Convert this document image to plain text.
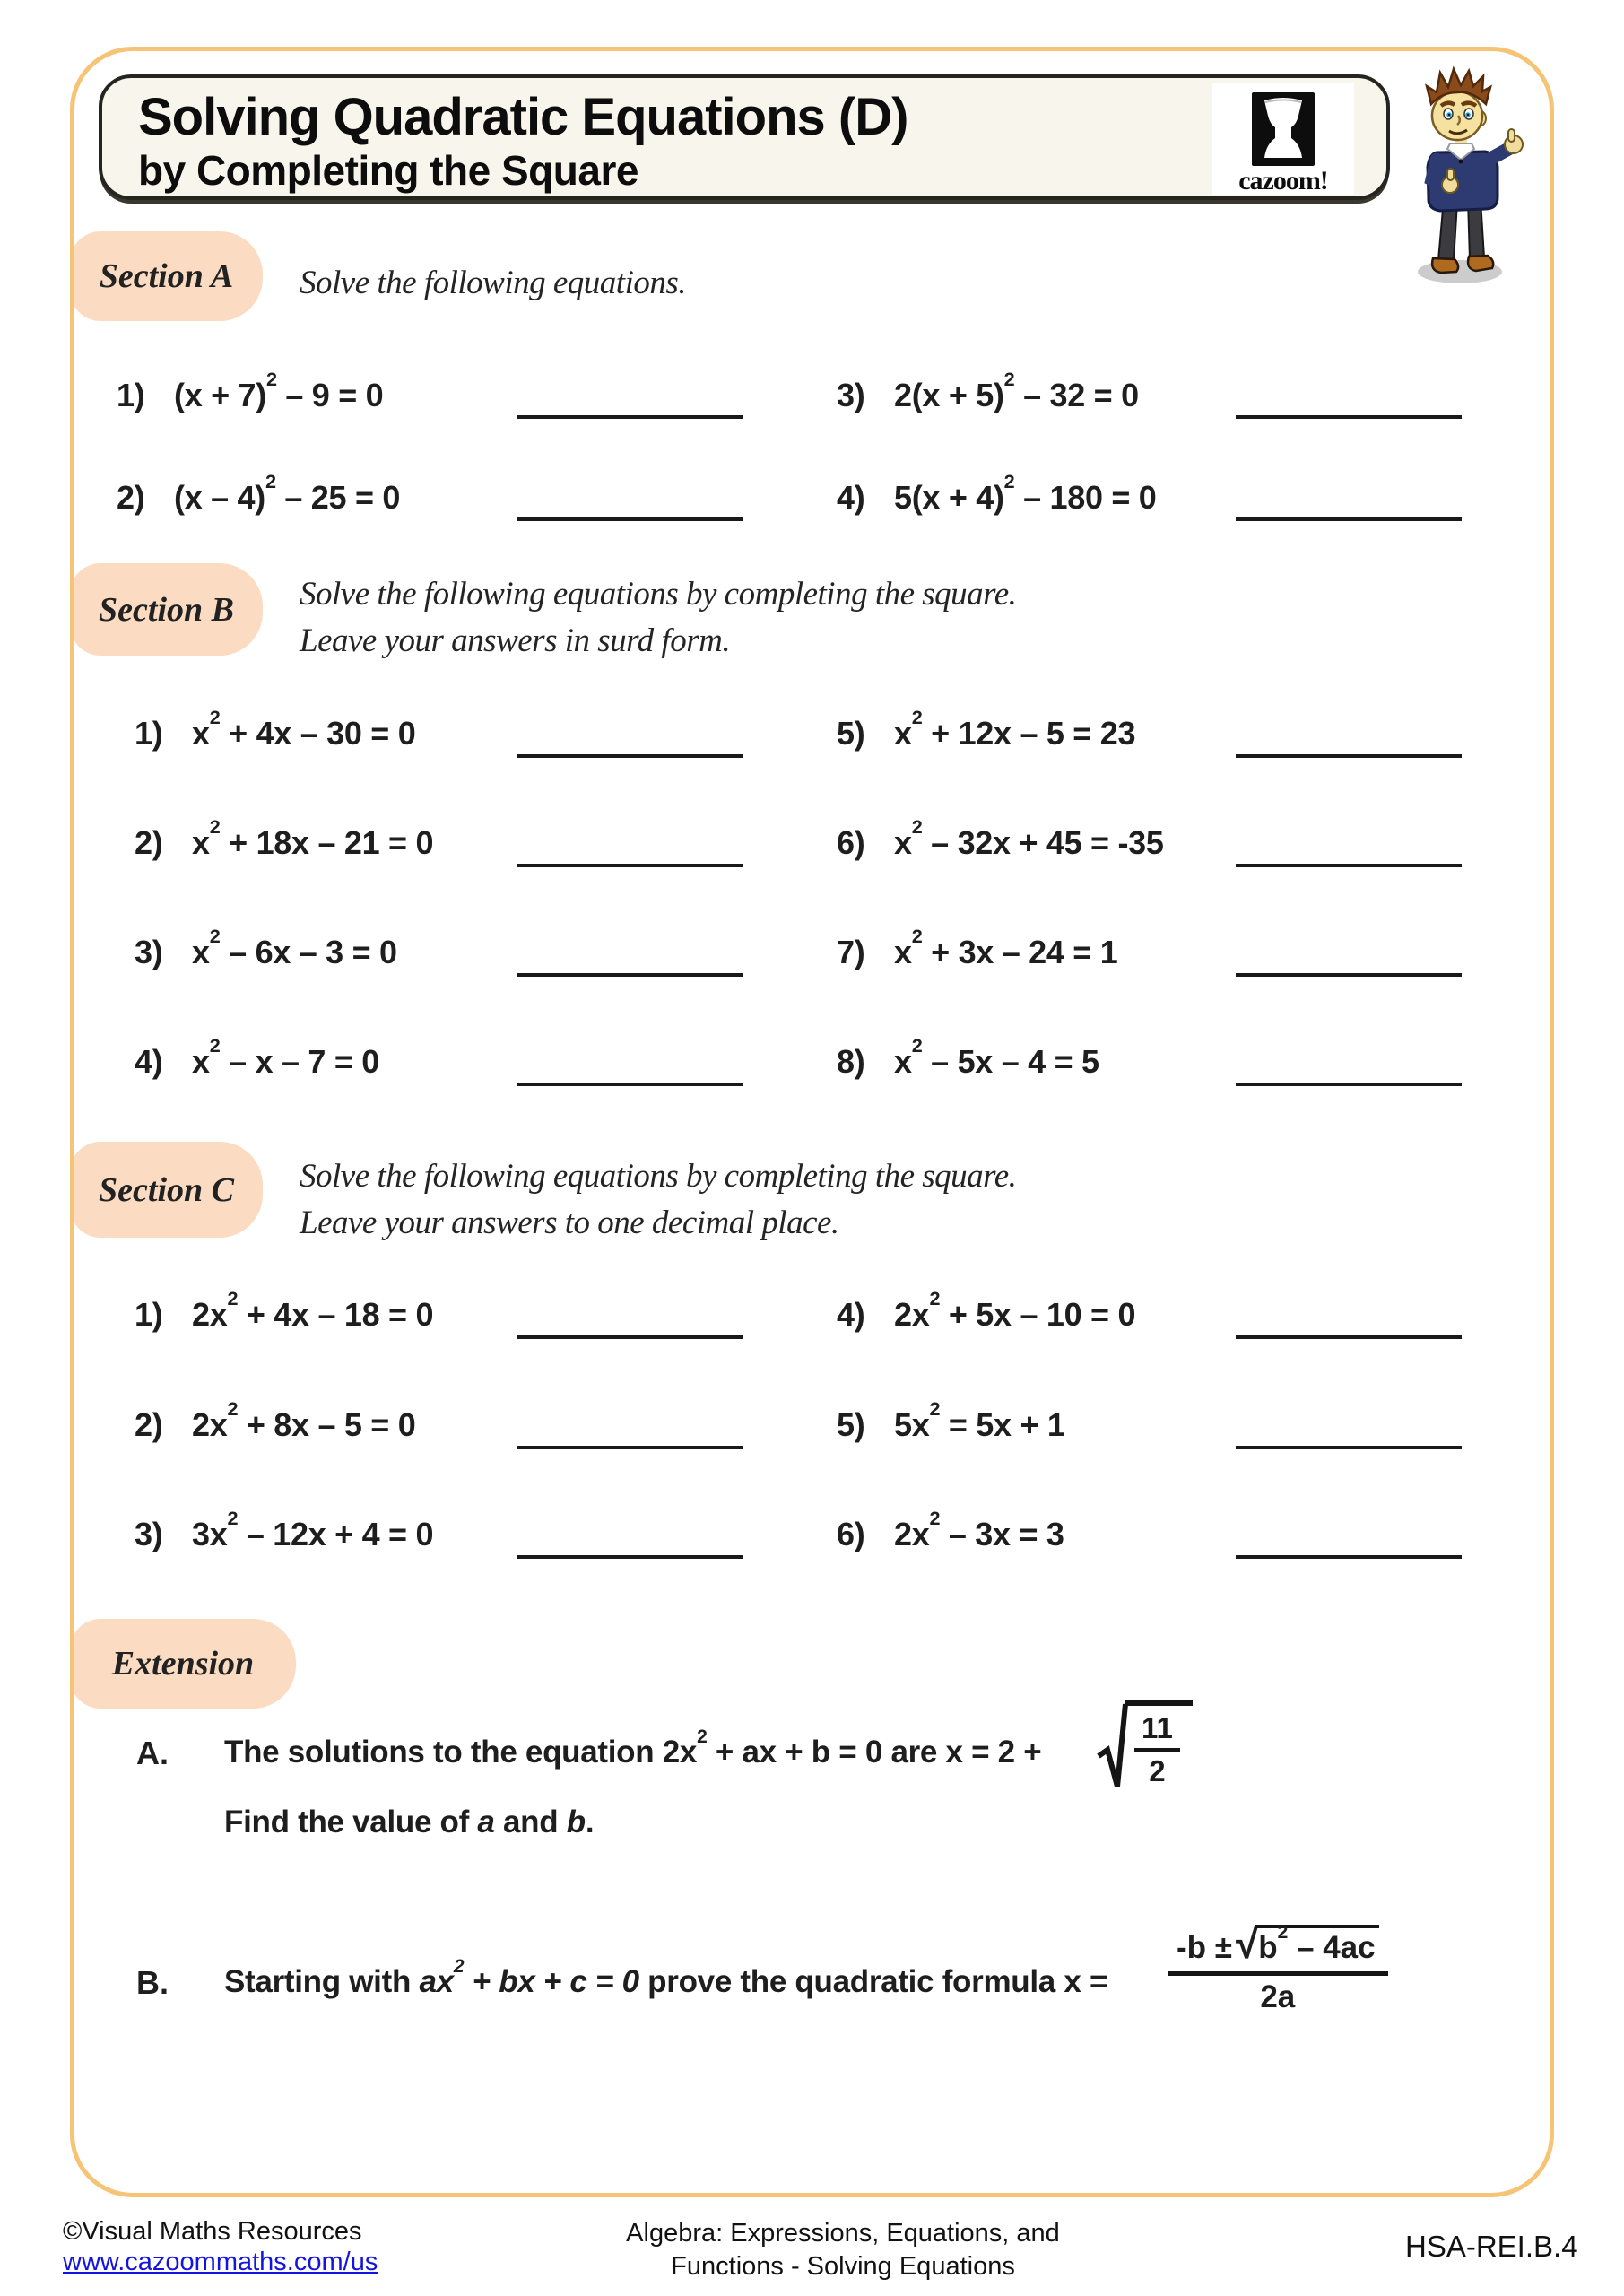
Solving Quadratic Equations (D)
by Completing the Square	cazoom!
Section A
Section B
Section C
Extension
Solve the following equations.
Solve the following equations by completing the square.
Leave your answers in surd form.
Solve the following equations by completing the square.
Leave your answers to one decimal place.
1) $(x + 7)^2 - 9 = 0$
2) (x – 4)$^2$ – 25 = 0
3) $2(x + 5)^2 - 32 = 0$
4) $5(x + 4)^2 - 180 = 0$
1) $x^2 + 4x - 30 = 0$
2) $x^2 + 18x - 21 = 0$
3) $x^2 - 6x - 3 = 0$
4) $x^2 - x - 7 = 0$
5) $x^2 + 12x - 5 = 23$
6) $x^2 - 32x + 45 = -35$
7) $x^2 + 3x - 24 = 1$
8) $x^2 - 5x - 4 = 5$
1) $2x^2 + 4x - 18 = 0$
2) $2x^2 + 8x - 5 = 0$
3) $3x^2 - 12x + 4 = 0$
4) $2x^2 + 5x - 10 = 0$
5) $5x^2 = 5x + 1$
6) $2x^2 - 3x = 3$
A. The solutions to the equation $2x^2$ + ax + b = 0 are x = 2 +
11
2
Find the value of a and b.
B. Starting with $ax^2$ + bx + c = 0 prove the quadratic formula $x = \frac{-b \pm √ b^2 - 4ac}{2a}$
©Visual Maths Resources
www.cazoommaths.com/us
Algebra: Expressions, Equations, and
Functions - Solving Equations
HSA-REI.B.4
